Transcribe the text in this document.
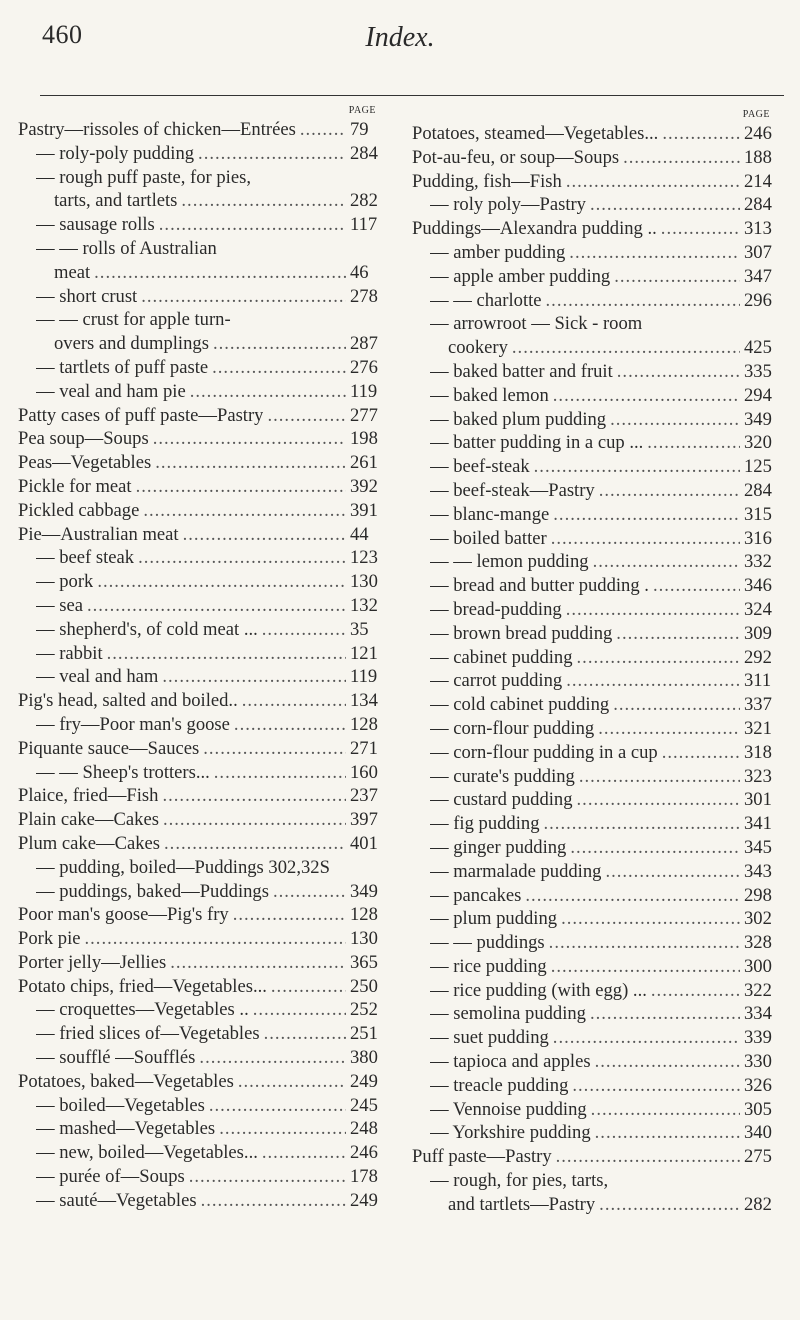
460	Index.
PAGE
Pastry—rissoles of chicken—Entrées .....	79
— roly-poly pudding .....	284
— rough puff paste, for pies,
tarts, and tartlets .....	282
— sausage rolls .....	117
— — rolls of Australian
meat .....	46
— short crust .....	278
— — crust for apple turn-
overs and dumplings .....	287
— tartlets of puff paste .....	276
— veal and ham pie .....	119
Patty cases of puff paste—Pastry .....	277
Pea soup—Soups .....	198
Peas—Vegetables .....	261
Pickle for meat .....	392
Pickled cabbage .....	391
Pie—Australian meat .....	44
— beef steak .....	123
— pork .....	130
— sea .....	132
— shepherd's, of cold meat ... .....	35
— rabbit .....	121
— veal and ham .....	119
Pig's head, salted and boiled.. .....	134
— fry—Poor man's goose .....	128
Piquante sauce—Sauces .....	271
— — Sheep's trotters... .....	160
Plaice, fried—Fish .....	237
Plain cake—Cakes .....	397
Plum cake—Cakes .....	401
— pudding, boiled—Puddings 302,32S
— puddings, baked—Puddings .....	349
Poor man's goose—Pig's fry .....	128
Pork pie .....	130
Porter jelly—Jellies .....	365
Potato chips, fried—Vegetables... .....	250
— croquettes—Vegetables .. .....	252
— fried slices of—Vegetables .....	251
— soufflé —Soufflés .....	380
Potatoes, baked—Vegetables .....	249
— boiled—Vegetables .....	245
— mashed—Vegetables .....	248
— new, boiled—Vegetables... .....	246
— purée of—Soups .....	178
— sauté—Vegetables .....	249
PAGE
Potatoes, steamed—Vegetables... .....	246
Pot-au-feu, or soup—Soups .....	188
Pudding, fish—Fish .....	214
— roly poly—Pastry .....	284
Puddings—Alexandra pudding .. .....	313
— amber pudding .....	307
— apple amber pudding .....	347
— — charlotte .....	296
— arrowroot — Sick - room
cookery .....	425
— baked batter and fruit .....	335
— baked lemon .....	294
— baked plum pudding .....	349
— batter pudding in a cup ... .....	320
— beef-steak .....	125
— beef-steak—Pastry .....	284
— blanc-mange .....	315
— boiled batter .....	316
— — lemon pudding .....	332
— bread and butter pudding . .....	346
— bread-pudding .....	324
— brown bread pudding .....	309
— cabinet pudding .....	292
— carrot pudding .....	311
— cold cabinet pudding .....	337
— corn-flour pudding .....	321
— corn-flour pudding in a cup .....	318
— curate's pudding .....	323
— custard pudding .....	301
— fig pudding .....	341
— ginger pudding .....	345
— marmalade pudding .....	343
— pancakes .....	298
— plum pudding .....	302
— — puddings .....	328
— rice pudding .....	300
— rice pudding (with egg) ... .....	322
— semolina pudding .....	334
— suet pudding .....	339
— tapioca and apples .....	330
— treacle pudding .....	326
— Vennoise pudding .....	305
— Yorkshire pudding .....	340
Puff paste—Pastry .....	275
— rough, for pies, tarts,
and tartlets—Pastry .....	282
